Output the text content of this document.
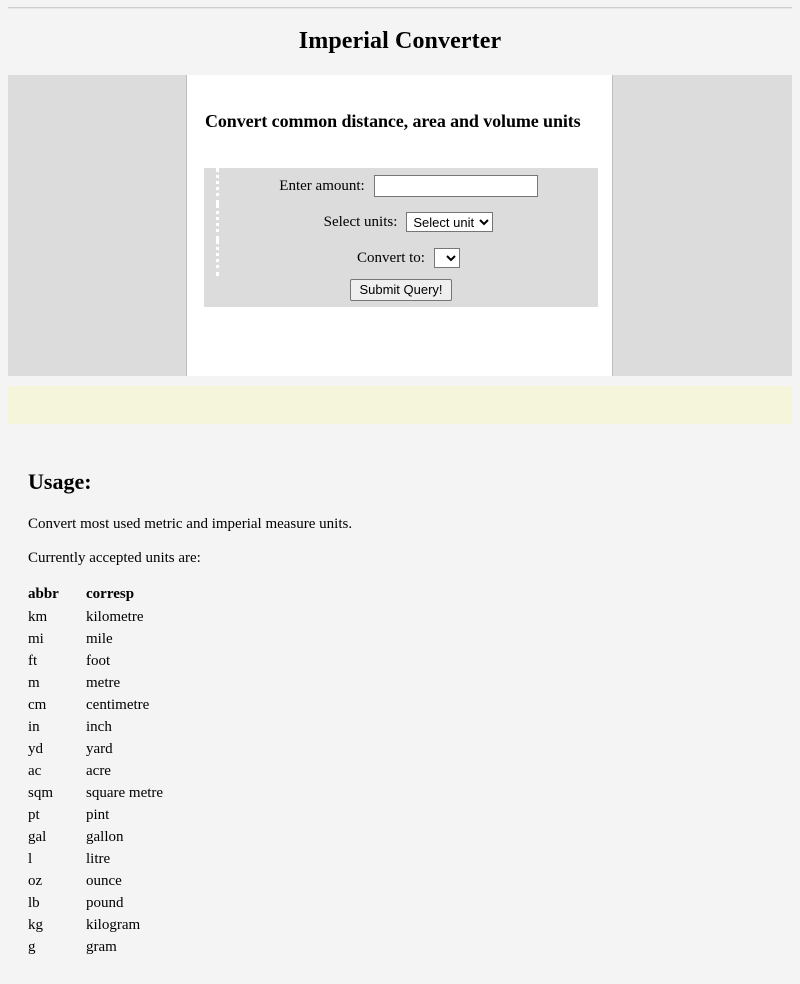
Imperial Converter
Convert common distance, area and volume units
Enter amount:
Select units:
Select unit
Convert to:
Submit Query!
Usage:
Convert most used metric and imperial measure units.
Currently accepted units are:
abbr	corresp
km	kilometre
mi	mile
ft	foot
m	metre
cm	centimetre
in	inch
yd	yard
ac	acre
sqm	square metre
pt	pint
gal	gallon
l	litre
oz	ounce
lb	pound
kg	kilogram
g	gram
